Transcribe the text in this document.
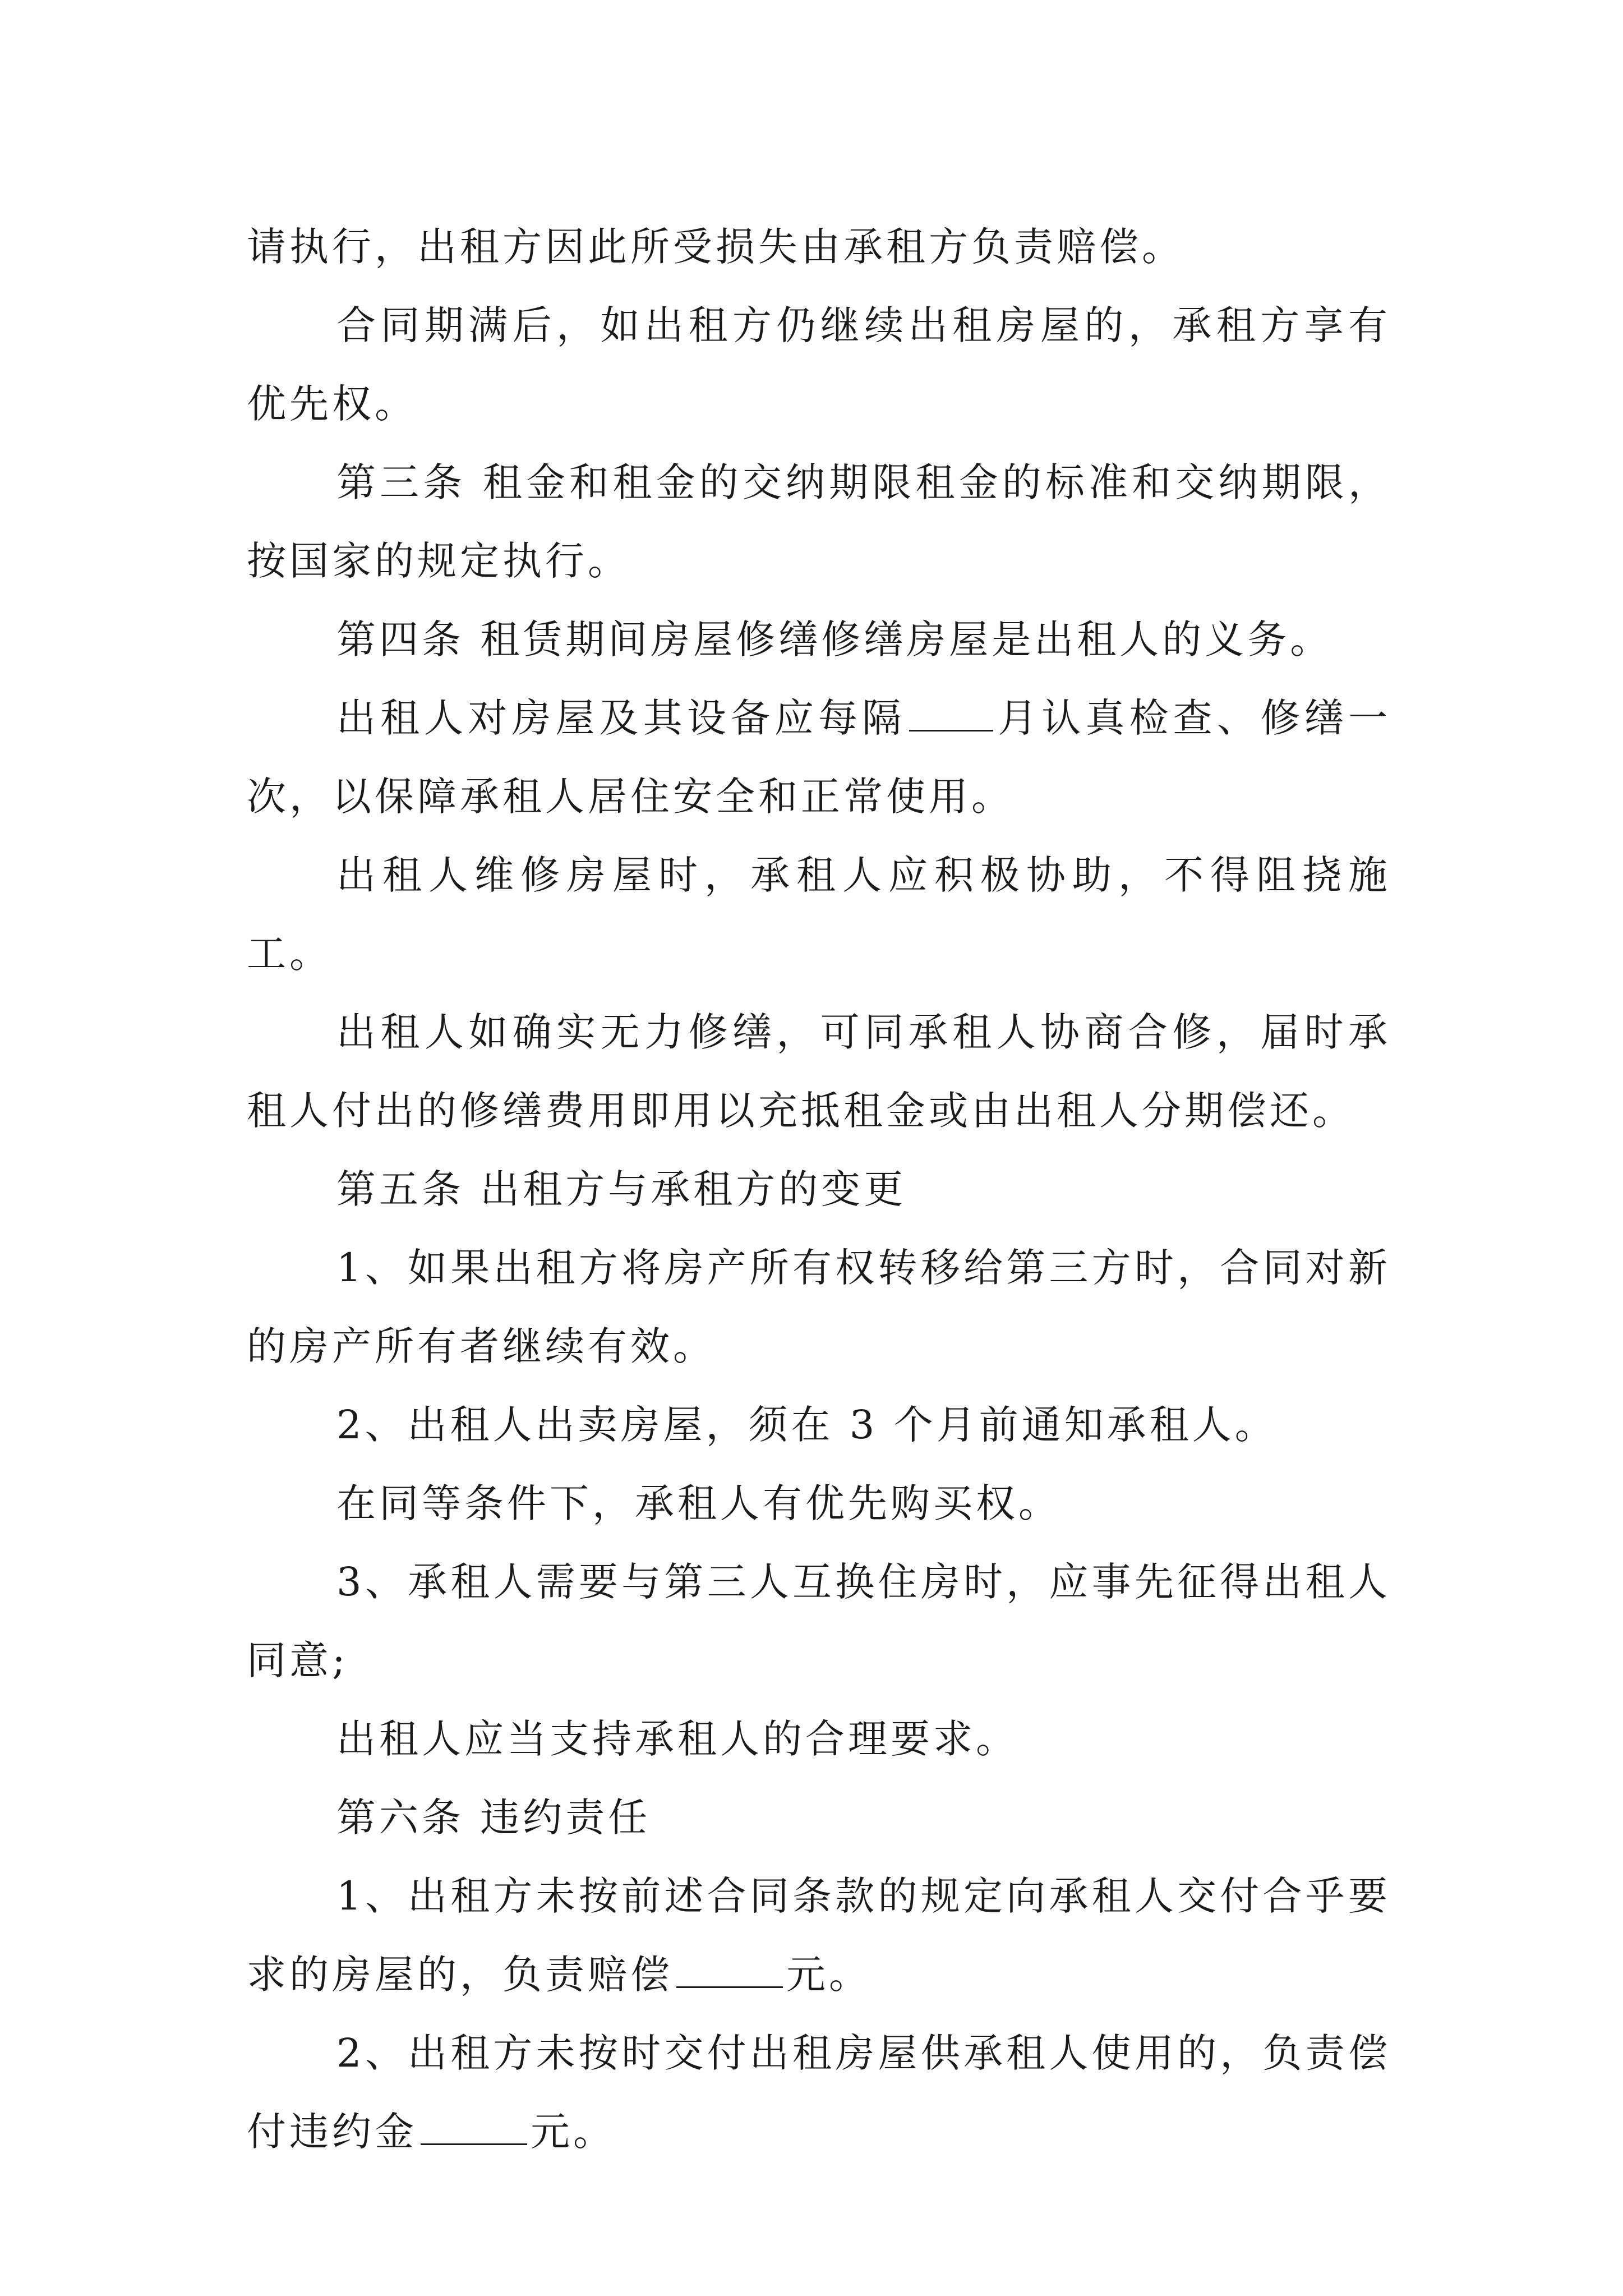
请执行，出租方因此所受损失由承租方负责赔偿。

合同期满后，如出租方仍继续出租房屋的，承租方享有优先权。

第三条 租金和租金的交纳期限租金的标准和交纳期限，按国家的规定执行。

第四条 租赁期间房屋修缮修缮房屋是出租人的义务。

出租人对房屋及其设备应每隔 月认真检查、修缮一次，以保障承租人居住安全和正常使用。

出租人维修房屋时，承租人应积极协助，不得阻挠施工。

出租人如确实无力修缮，可同承租人协商合修，届时承租人付出的修缮费用即用以充抵租金或由出租人分期偿还。

第五条 出租方与承租方的变更

1、如果出租方将房产所有权转移给第三方时，合同对新的房产所有者继续有效。

2、出租人出卖房屋，须在 3 个月前通知承租人。

在同等条件下，承租人有优先购买权。

3、承租人需要与第三人互换住房时，应事先征得出租人同意;

出租人应当支持承租人的合理要求。

第六条 违约责任

1、出租方未按前述合同条款的规定向承租人交付合乎要求的房屋的，负责赔偿	元。

2、出租方未按时交付出租房屋供承租人使用的，负责偿付违约金	元。
